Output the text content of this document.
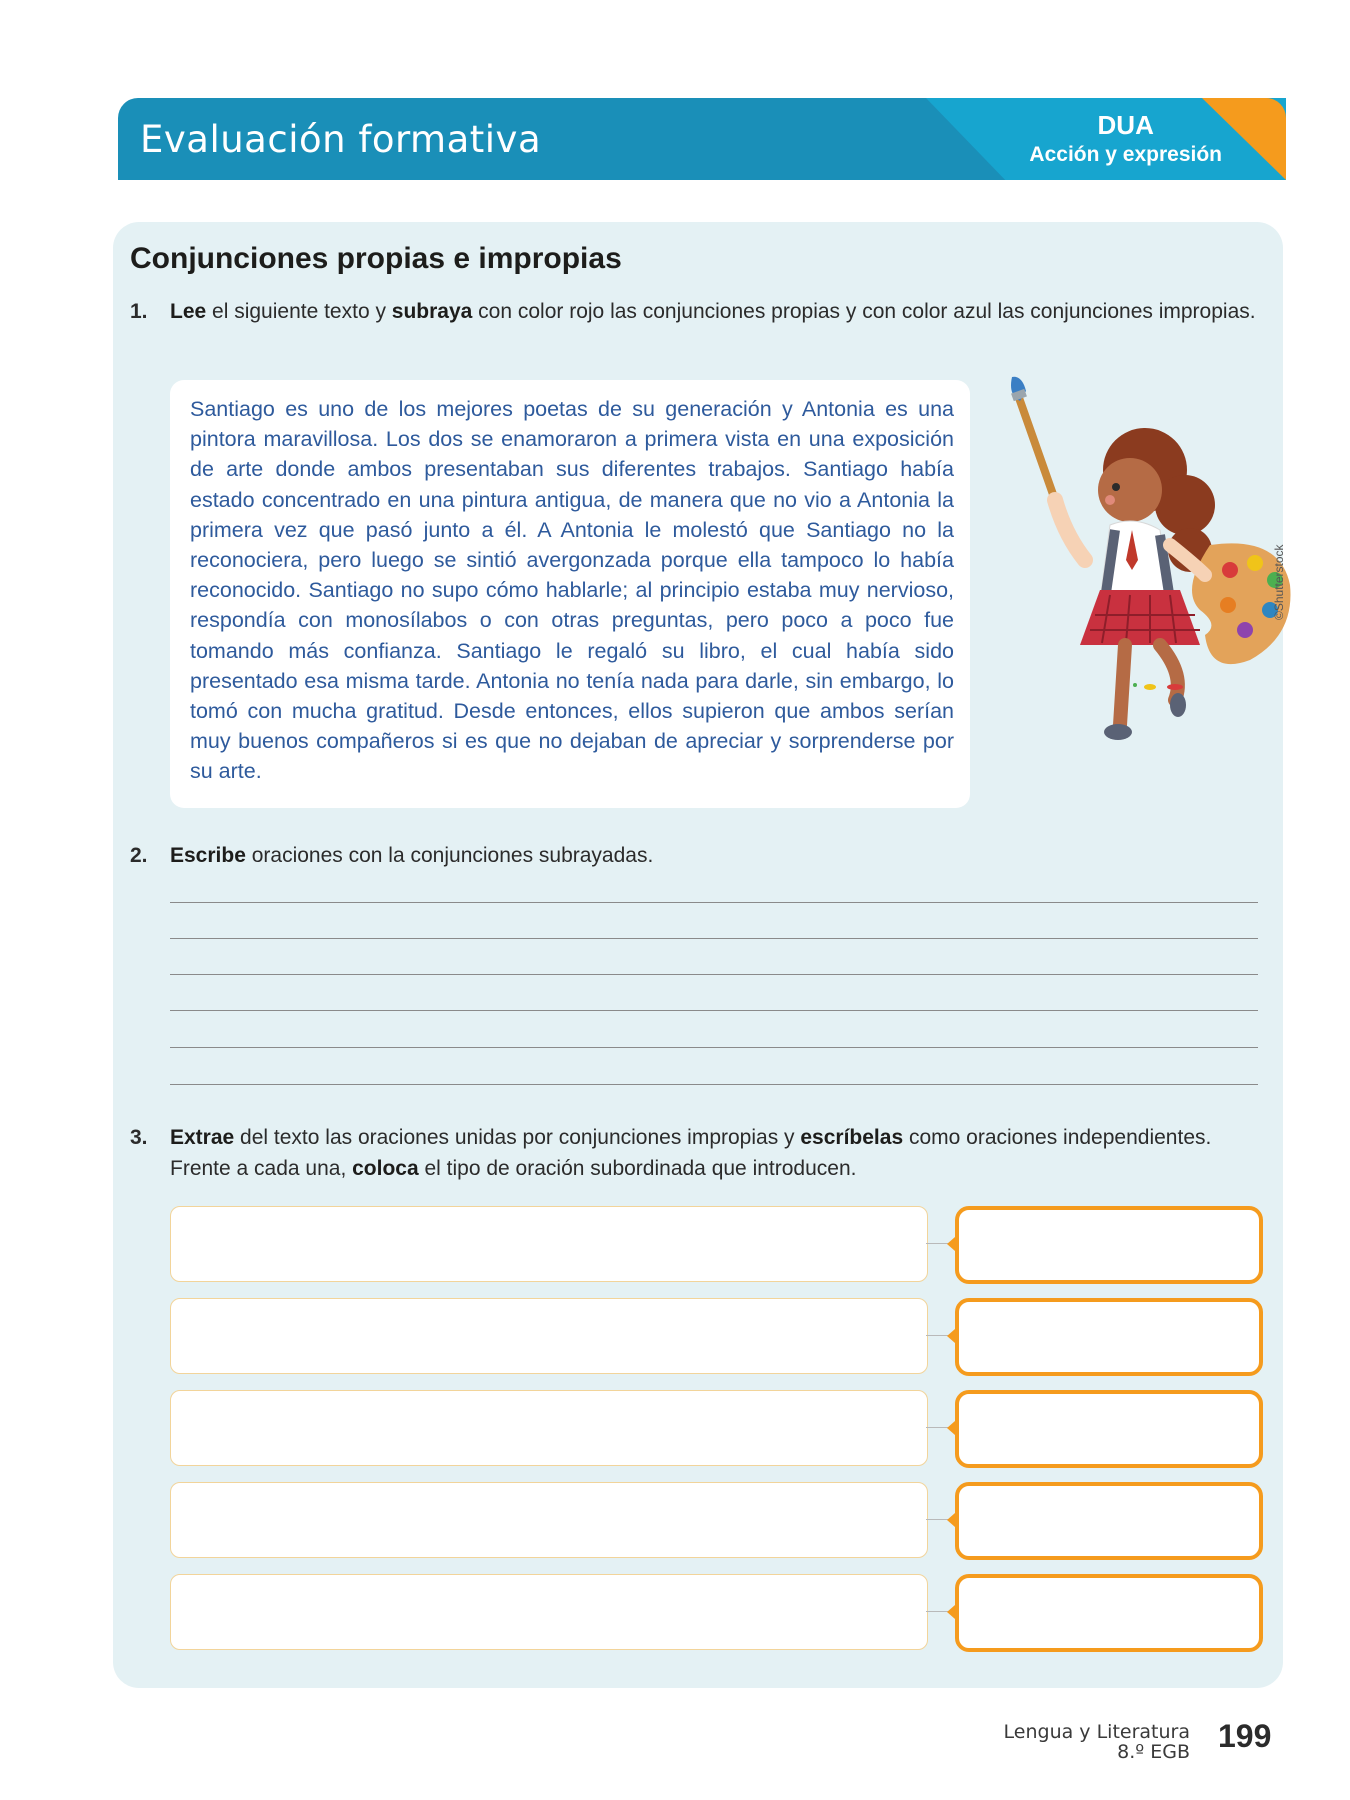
Evaluación formativa	DUA
Acción y expresión
Conjunciones propias e impropias
1. Lee el siguiente texto y subraya con color rojo las conjunciones propias y con color azul las conjunciones impropias.

Santiago es uno de los mejores poetas de su generación y Antonia es una pintora maravillosa. Los dos se enamoraron a primera vista en una exposición de arte donde ambos presentaban sus diferentes trabajos. Santiago había estado concentrado en una pintura antigua, de manera que no vio a Antonia la primera vez que pasó junto a él. A Antonia le molestó que Santiago no la reconociera, pero luego se sintió avergonzada porque ella tampoco lo había reconocido. Santiago no supo cómo hablarle; al principio estaba muy nervioso, respondía con monosílabos o con otras preguntas, pero poco a poco fue tomando más confianza. Santiago le regaló su libro, el cual había sido presentado esa misma tarde. Antonia no tenía nada para darle, sin embargo, lo tomó con mucha gratitud. Desde entonces, ellos supieron que ambos serían muy buenos compañeros si es que no dejaban de apreciar y sorprenderse por su arte.

©Shutterstock
2. Escribe oraciones con la conjunciones subrayadas.
3. Extrae del texto las oraciones unidas por conjunciones impropias y escríbelas como oraciones independientes. Frente a cada una, coloca el tipo de oración subordinada que introducen.
Lengua y Literatura
8.º EGB 199
